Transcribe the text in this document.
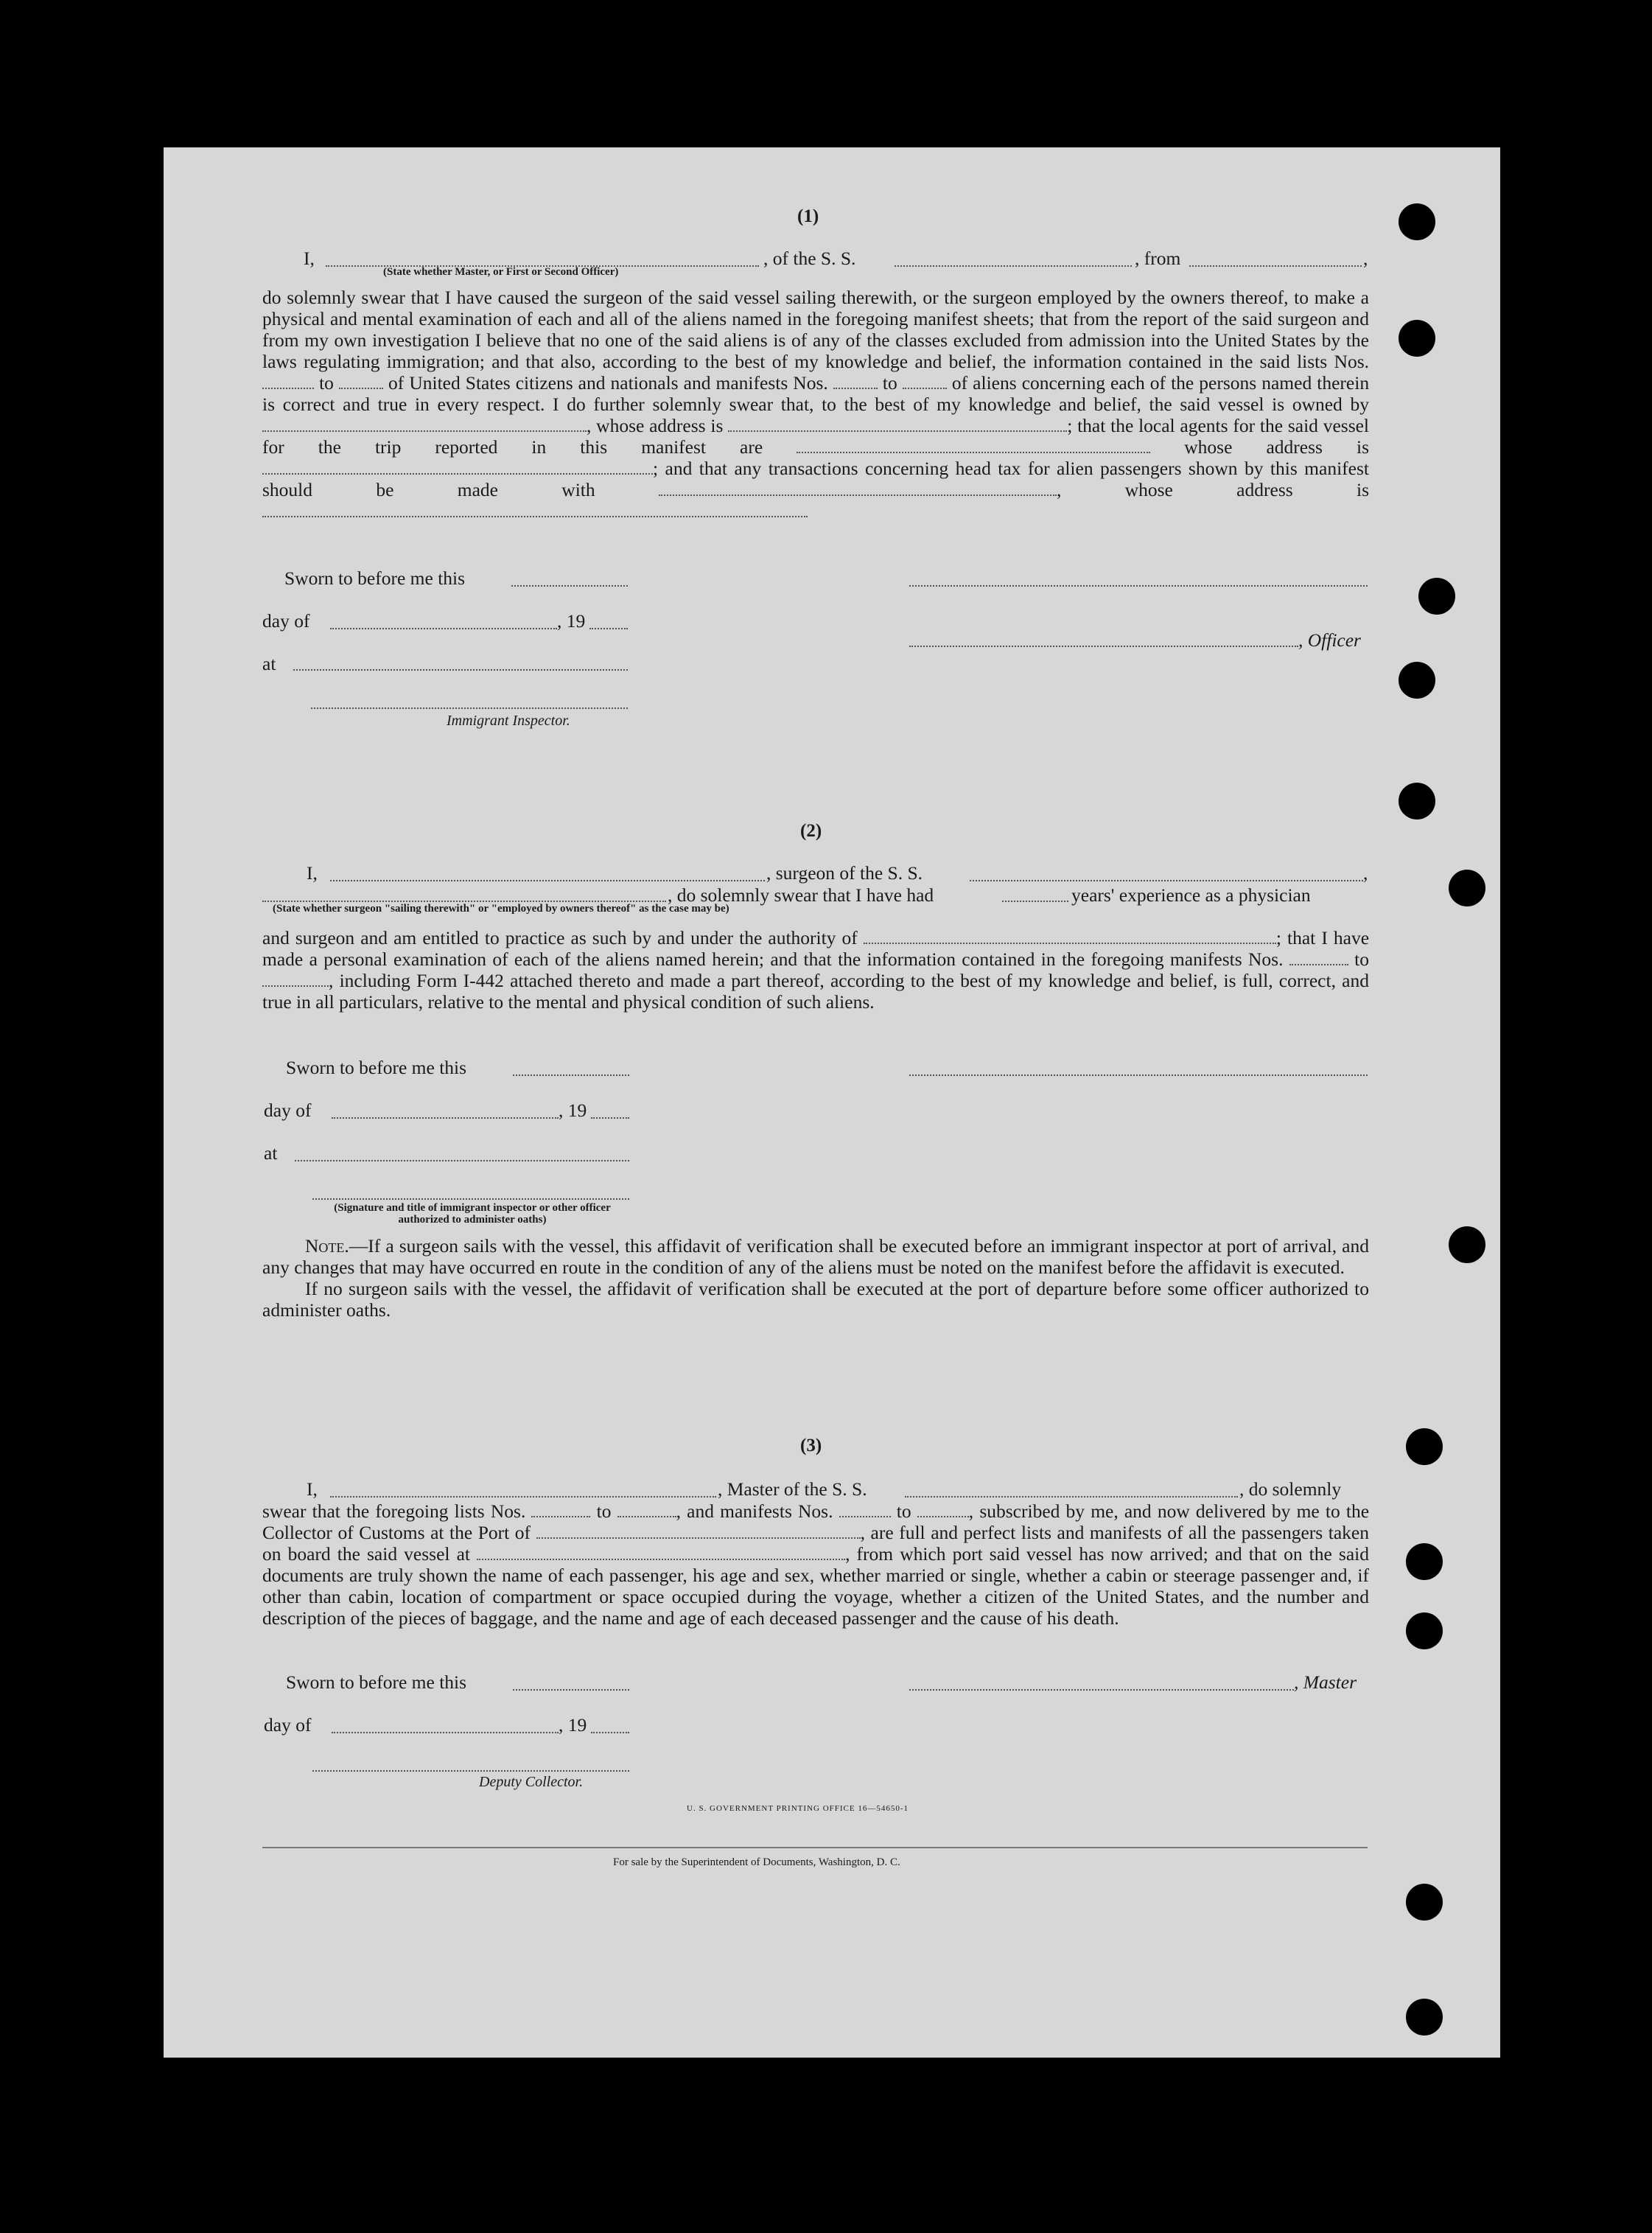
(1)
I,	, of the S. S.	, from	,
(State whether Master, or First or Second Officer)

do solemnly swear that I have caused the surgeon of the said vessel sailing therewith, or the surgeon employed by the owners thereof, to make a physical and mental examination of each and all of the aliens named in the foregoing manifest sheets; that from the report of the said surgeon and from my own investigation I believe that no one of the said aliens is of any of the classes excluded from admission into the United States by the laws regulating immigration; and that also, according to the best of my knowledge and belief, the information contained in the said lists Nos.  to	of United States citizens and nationals and manifests Nos.	to	of aliens concerning each of the persons named therein is correct and true in every respect. I do further solemnly swear that, to the best of my knowledge and belief, the said vessel is owned by , whose address is	; that the local agents for the said vessel for the trip reported in this manifest are	whose address is ; and that any transactions concerning head tax for alien passengers shown by this manifest should be made with	, whose address is

Sworn to before me this
day of	, 19
, Officer
at
Immigrant Inspector.
(2)
I,	, surgeon of the S. S.	,
, do solemnly swear that I have had	years' experience as a physician
(State whether surgeon "sailing therewith" or "employed by owners thereof" as the case may be)

and surgeon and am entitled to practice as such by and under the authority of	; that I have made a personal examination of each of the aliens named herein; and that the information contained in the foregoing manifests Nos.	to , including Form I-442 attached thereto and made a part thereof, according to the best of my knowledge and belief, is full, correct, and true in all particulars, relative to the mental and physical condition of such aliens.

Sworn to before me this
day of	, 19
at
(Signature and title of immigrant inspector or other officer authorized to administer oaths)

Note.—If a surgeon sails with the vessel, this affidavit of verification shall be executed before an immigrant inspector at port of arrival, and any changes that may have occurred en route in the condition of any of the aliens must be noted on the manifest before the affidavit is executed.

If no surgeon sails with the vessel, the affidavit of verification shall be executed at the port of departure before some officer authorized to administer oaths.

(3)
I,	, Master of the S. S.	, do solemnly

swear that the foregoing lists Nos.	to	, and manifests Nos.	to	, subscribed by me, and now delivered by me to the Collector of Customs at the Port of	, are full and perfect lists and manifests of all the passengers taken on board the said vessel at	, from which port said vessel has now arrived; and that on the said documents are truly shown the name of each passenger, his age and sex, whether married or single, whether a cabin or steerage passenger and, if other than cabin, location of compartment or space occupied during the voyage, whether a citizen of the United States, and the number and description of the pieces of baggage, and the name and age of each deceased passenger and the cause of his death.

Sworn to before me this	, Master
day of	, 19
Deputy Collector.
U. S. GOVERNMENT PRINTING OFFICE 16—54650-1
For sale by the Superintendent of Documents, Washington, D. C.
